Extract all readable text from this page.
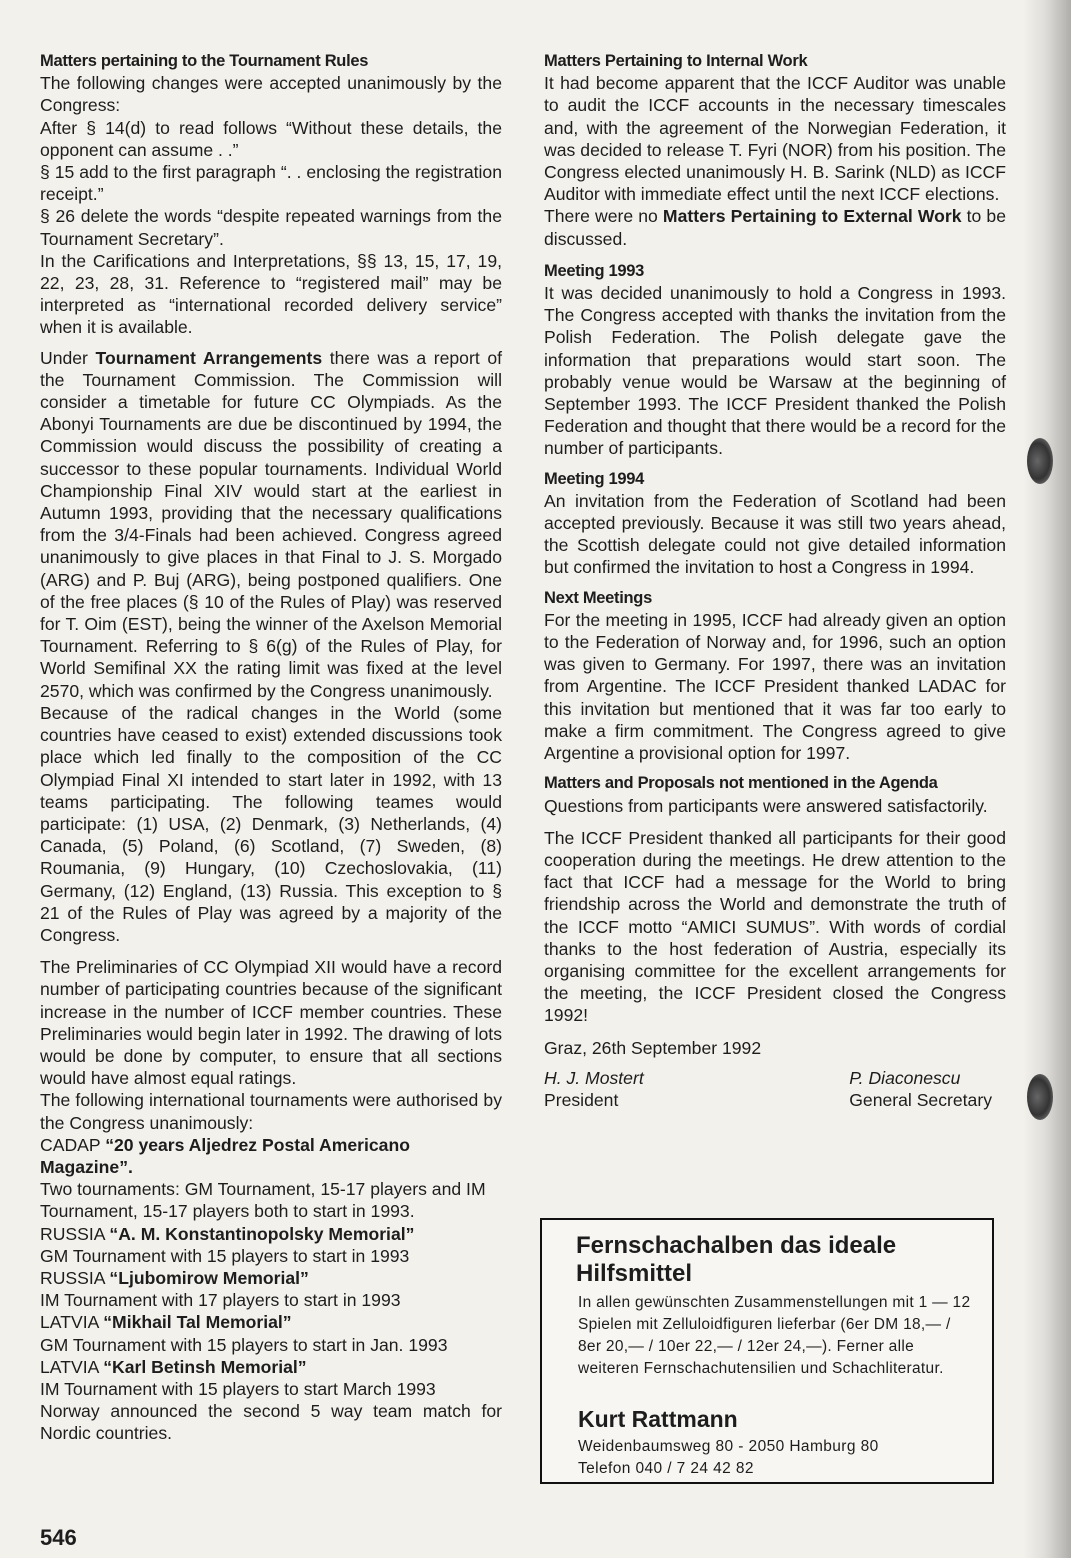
Matters pertaining to the Tournament Rules

The following changes were accepted unanimously by the Congress:

After § 14(d) to read follows “Without these details, the opponent can assume . .”

§ 15 add to the first paragraph “. . enclosing the registration receipt.”

§ 26 delete the words “despite repeated warnings from the Tournament Secretary”.

In the Carifications and Interpretations, §§ 13, 15, 17, 19, 22, 23, 28, 31. Reference to “registered mail” may be interpreted as “international recorded delivery service” when it is available.

Under Tournament Arrangements there was a report of the Tournament Commission. The Commission will consider a timetable for future CC Olympiads. As the Abonyi Tournaments are due be discontinued by 1994, the Commission would discuss the possibility of creating a successor to these popular tournaments. Individual World Championship Final XIV would start at the earliest in Autumn 1993, providing that the necessary qualifications from the 3/4-Finals had been achieved. Congress agreed unanimously to give places in that Final to J. S. Morgado (ARG) and P. Buj (ARG), being postponed qualifiers. One of the free places (§ 10 of the Rules of Play) was reserved for T. Oim (EST), being the winner of the Axelson Memorial Tournament. Referring to § 6(g) of the Rules of Play, for World Semifinal XX the rating limit was fixed at the level 2570, which was confirmed by the Congress unanimously.

Because of the radical changes in the World (some countries have ceased to exist) extended discussions took place which led finally to the composition of the CC Olympiad Final XI intended to start later in 1992, with 13 teams participating. The following teames would participate: (1) USA, (2) Denmark, (3) Netherlands, (4) Canada, (5) Poland, (6) Scotland, (7) Sweden, (8) Roumania, (9) Hungary, (10) Czechoslovakia, (11) Germany, (12) England, (13) Russia. This exception to § 21 of the Rules of Play was agreed by a majority of the Congress.

The Preliminaries of CC Olympiad XII would have a record number of participating countries because of the significant increase in the number of ICCF member countries. These Preliminaries would begin later in 1992. The drawing of lots would be done by computer, to ensure that all sections would have almost equal ratings.

The following international tournaments were authorised by the Congress unanimously:

CADAP “20 years Aljedrez Postal Americano Magazine”.

Two tournaments: GM Tournament, 15-17 players and IM Tournament, 15-17 players both to start in 1993.

RUSSIA “A. M. Konstantinopolsky Memorial”

GM Tournament with 15 players to start in 1993

RUSSIA “Ljubomirow Memorial”

IM Tournament with 17 players to start in 1993

LATVIA “Mikhail Tal Memorial”

GM Tournament with 15 players to start in Jan. 1993

LATVIA “Karl Betinsh Memorial”

IM Tournament with 15 players to start March 1993

Norway announced the second 5 way team match for Nordic countries.

Matters Pertaining to Internal Work

It had become apparent that the ICCF Auditor was unable to audit the ICCF accounts in the necessary timescales and, with the agreement of the Norwegian Federation, it was decided to release T. Fyri (NOR) from his position. The Congress elected unanimously H. B. Sarink (NLD) as ICCF Auditor with immediate effect until the next ICCF elections.

There were no Matters Pertaining to External Work to be discussed.

Meeting 1993

It was decided unanimously to hold a Congress in 1993. The Congress accepted with thanks the invitation from the Polish Federation. The Polish delegate gave the information that preparations would start soon. The probably venue would be Warsaw at the beginning of September 1993. The ICCF President thanked the Polish Federation and thought that there would be a record for the number of participants.

Meeting 1994

An invitation from the Federation of Scotland had been accepted previously. Because it was still two years ahead, the Scottish delegate could not give detailed information but confirmed the invitation to host a Congress in 1994.

Next Meetings

For the meeting in 1995, ICCF had already given an option to the Federation of Norway and, for 1996, such an option was given to Germany. For 1997, there was an invitation from Argentine. The ICCF President thanked LADAC for this invitation but mentioned that it was far too early to make a firm commitment. The Congress agreed to give Argentine a provisional option for 1997.

Matters and Proposals not mentioned in the Agenda

Questions from participants were answered satisfactorily.

The ICCF President thanked all participants for their good cooperation during the meetings. He drew attention to the fact that ICCF had a message for the World to bring friendship across the World and demonstrate the truth of the ICCF motto “AMICI SUMUS”. With words of cordial thanks to the host federation of Austria, especially its organising committee for the excellent arrangements for the meeting, the ICCF President closed the Congress 1992!

Graz, 26th September 1992

H. J. Mostert
President
P. Diaconescu
General Secretary
Fernschachalben das ideale Hilfsmittel
In allen gewünschten Zusammenstellungen mit 1 — 12 Spielen mit Zelluloidfiguren lieferbar (6er DM 18,— / 8er 20,— / 10er 22,— / 12er 24,—). Ferner alle weiteren Fernschachutensilien und Schachliteratur.
Kurt Rattmann
Weidenbaumsweg 80 - 2050 Hamburg 80
Telefon 040 / 7 24 42 82
546
